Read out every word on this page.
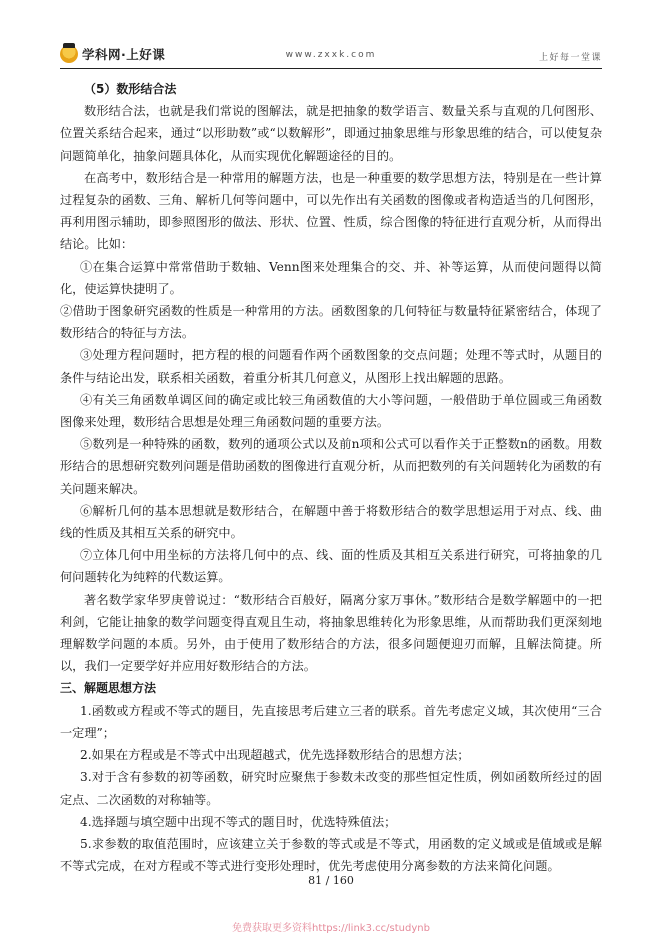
学科网·上好课	www.zxxk.com	上好每一堂课

（5）数形结合法

数形结合法，也就是我们常说的图解法，就是把抽象的数学语言、数量关系与直观的几何图形、位置关系结合起来，通过“以形助数”或“以数解形”，即通过抽象思维与形象思维的结合，可以使复杂问题简单化，抽象问题具体化，从而实现优化解题途径的目的。

在高考中，数形结合是一种常用的解题方法，也是一种重要的数学思想方法，特别是在一些计算过程复杂的函数、三角、解析几何等问题中，可以先作出有关函数的图像或者构造适当的几何图形，再利用图示辅助，即参照图形的做法、形状、位置、性质，综合图像的特征进行直观分析，从而得出结论。比如：

①在集合运算中常常借助于数轴、Venn图来处理集合的交、并、补等运算，从而使问题得以简化，使运算快捷明了。

②借助于图象研究函数的性质是一种常用的方法。函数图象的几何特征与数量特征紧密结合，体现了数形结合的特征与方法。

③处理方程问题时，把方程的根的问题看作两个函数图象的交点问题；处理不等式时，从题目的条件与结论出发，联系相关函数，着重分析其几何意义，从图形上找出解题的思路。

④有关三角函数单调区间的确定或比较三角函数值的大小等问题，一般借助于单位圆或三角函数图像来处理，数形结合思想是处理三角函数问题的重要方法。

⑤数列是一种特殊的函数，数列的通项公式以及前n项和公式可以看作关于正整数n的函数。用数形结合的思想研究数列问题是借助函数的图像进行直观分析，从而把数列的有关问题转化为函数的有关问题来解决。

⑥解析几何的基本思想就是数形结合，在解题中善于将数形结合的数学思想运用于对点、线、曲线的性质及其相互关系的研究中。

⑦立体几何中用坐标的方法将几何中的点、线、面的性质及其相互关系进行研究，可将抽象的几何问题转化为纯粹的代数运算。

著名数学家华罗庚曾说过：“数形结合百般好，隔离分家万事休。”数形结合是数学解题中的一把利剑，它能让抽象的数学问题变得直观且生动，将抽象思维转化为形象思维，从而帮助我们更深刻地理解数学问题的本质。另外，由于使用了数形结合的方法，很多问题便迎刃而解，且解法简捷。所以，我们一定要学好并应用好数形结合的方法。

三、解题思想方法

1.函数或方程或不等式的题目，先直接思考后建立三者的联系。首先考虑定义域，其次使用“三合一定理”；

2.如果在方程或是不等式中出现超越式，优先选择数形结合的思想方法；

3.对于含有参数的初等函数，研究时应聚焦于参数未改变的那些恒定性质，例如函数所经过的固定点、二次函数的对称轴等。

4.选择题与填空题中出现不等式的题目时，优选特殊值法；

5.求参数的取值范围时，应该建立关于参数的等式或是不等式，用函数的定义域或是值域或是解不等式完成，在对方程或不等式进行变形处理时，优先考虑使用分离参数的方法来简化问题。

81 / 160
免费获取更多资料https://link3.cc/studynb
